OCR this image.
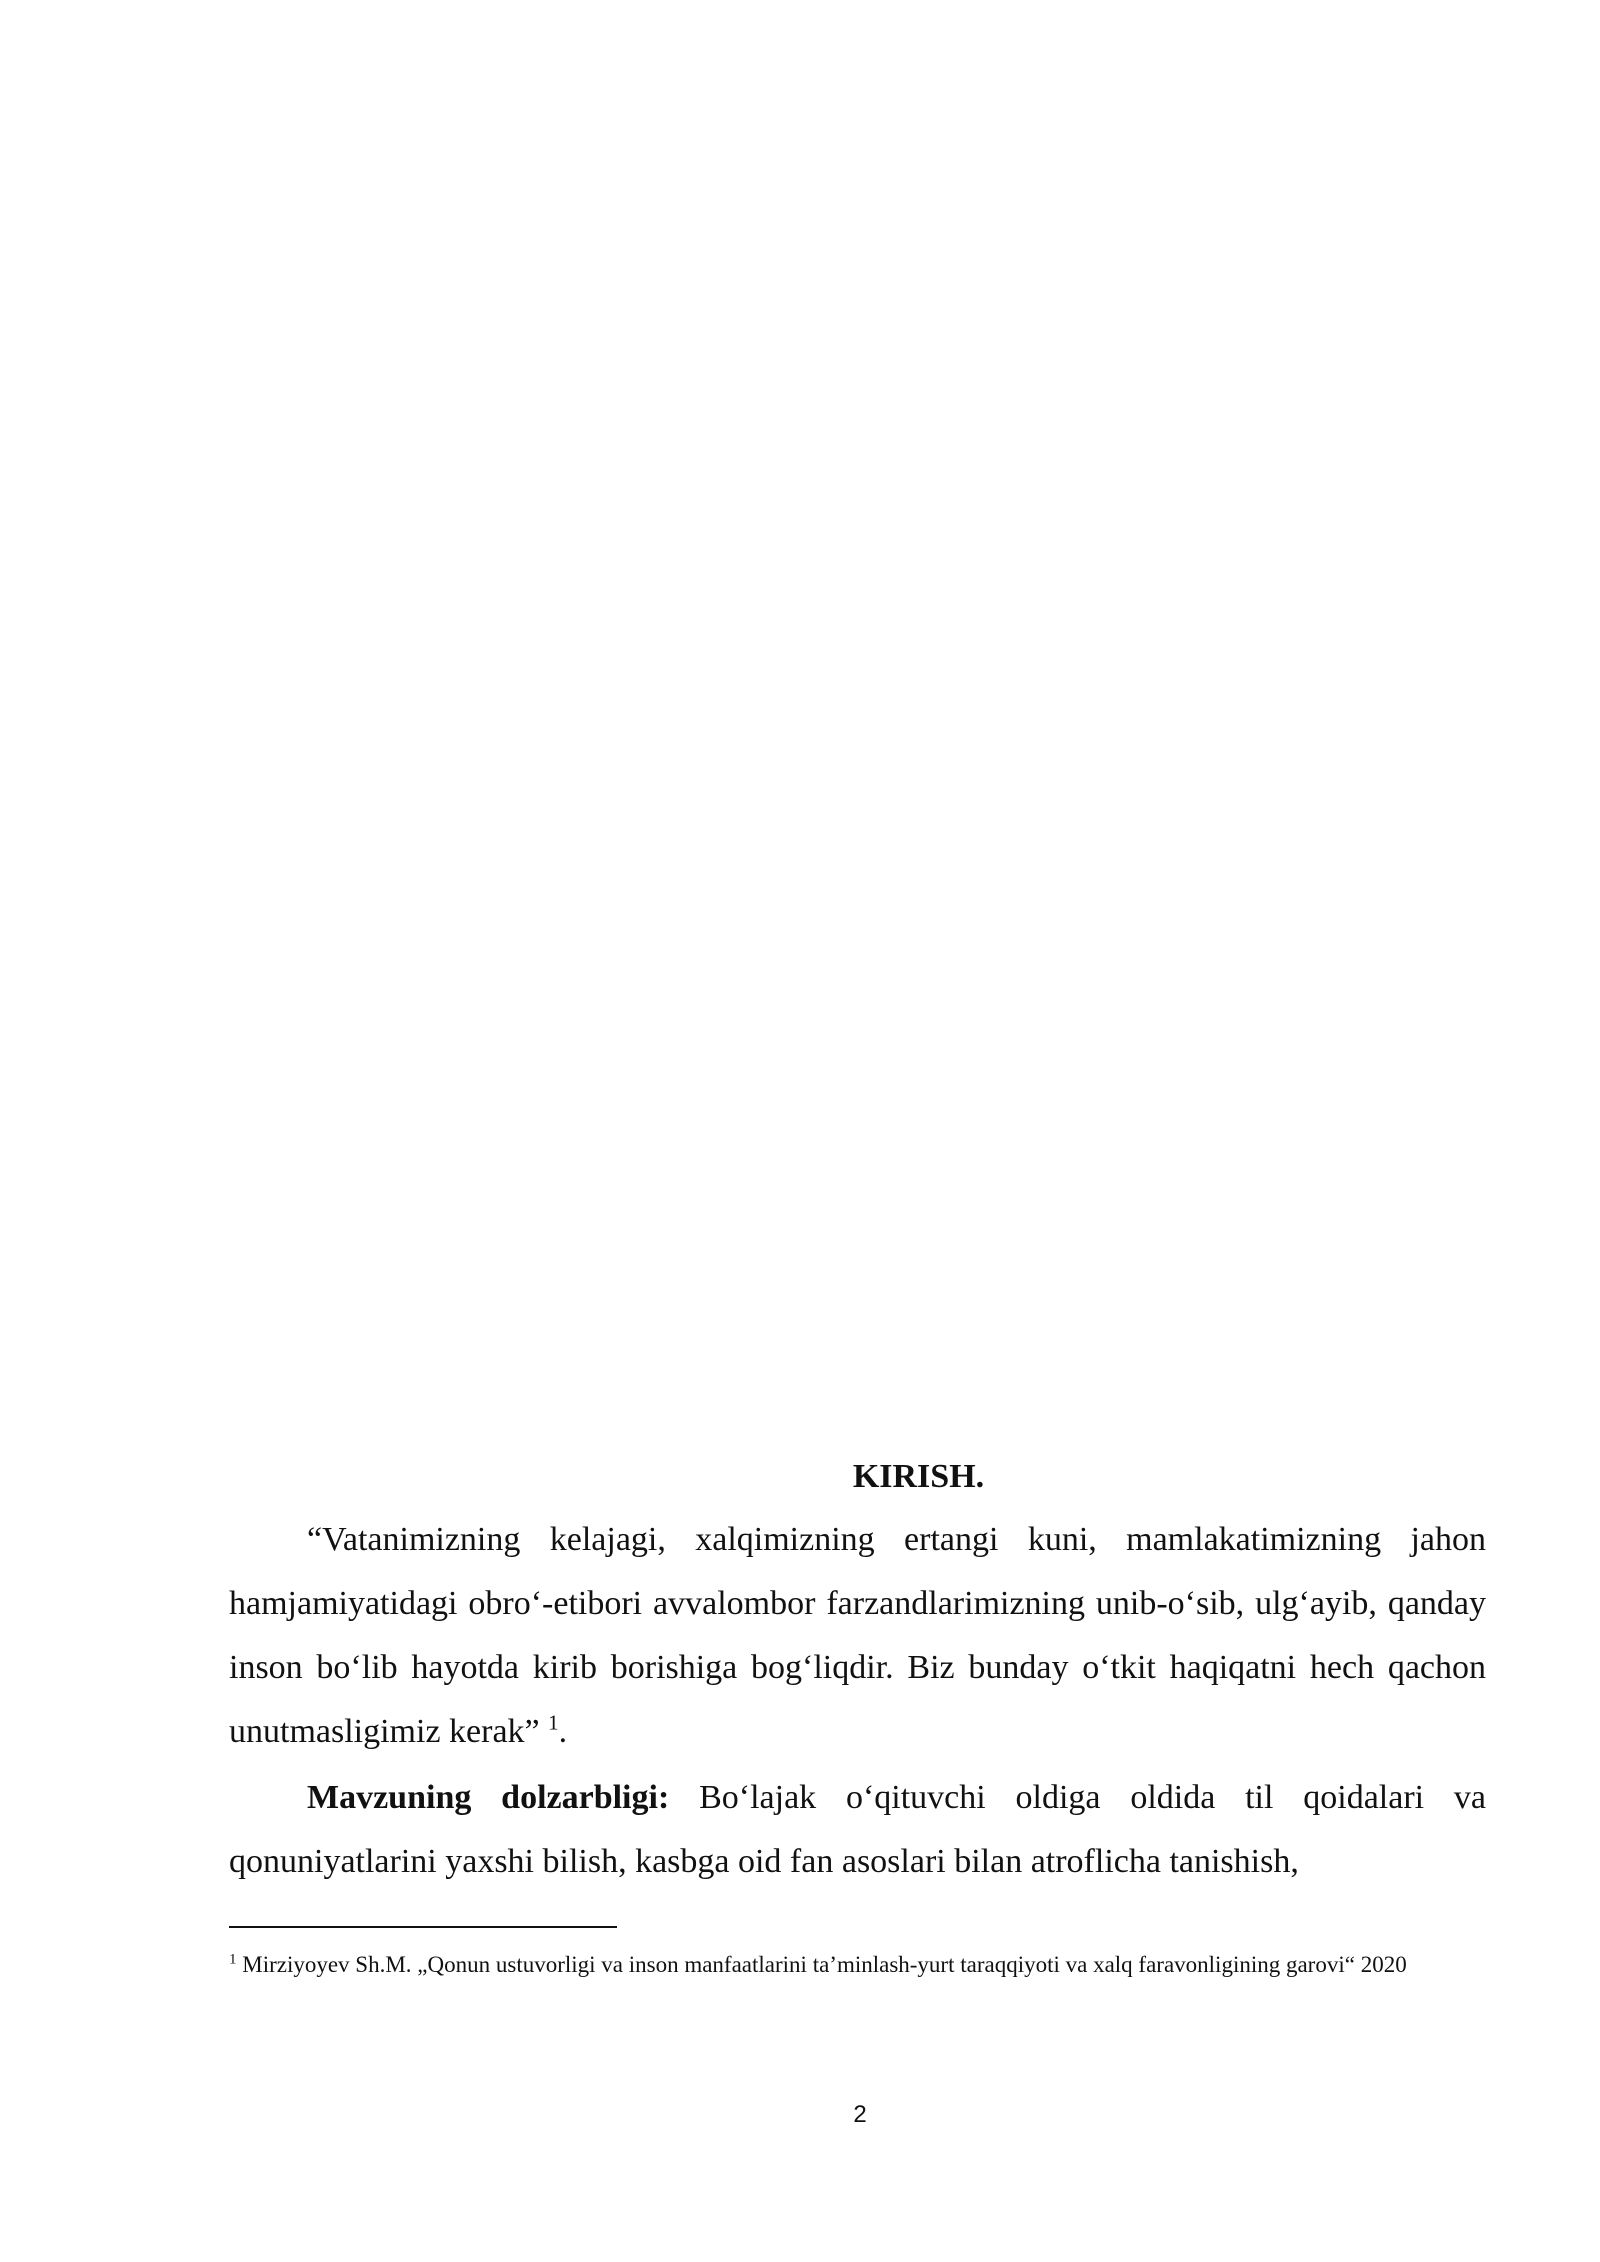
KIRISH.

“Vatanimizning kelajagi, xalqimizning ertangi kuni, mamlakatimizning jahon hamjamiyatidagi obro‘-etibori avvalombor farzandlarimizning unib-o‘sib, ulg‘ayib, qanday inson bo‘lib hayotda kirib borishiga bog‘liqdir. Biz bunday o‘tkit haqiqatni hech qachon unutmasligimiz kerak” $^1$.

Mavzuning dolzarbligi: Bo‘lajak o‘qituvchi oldiga oldida til qoidalari va qonuniyatlarini yaxshi bilish, kasbga oid fan asoslari bilan atroflicha tanishish,

$^1$ Mirziyoyev Sh.M. „Qonun ustuvorligi va inson manfaatlarini ta’minlash-yurt taraqqiyoti va xalq faravonligining garovi“ 2020
2
